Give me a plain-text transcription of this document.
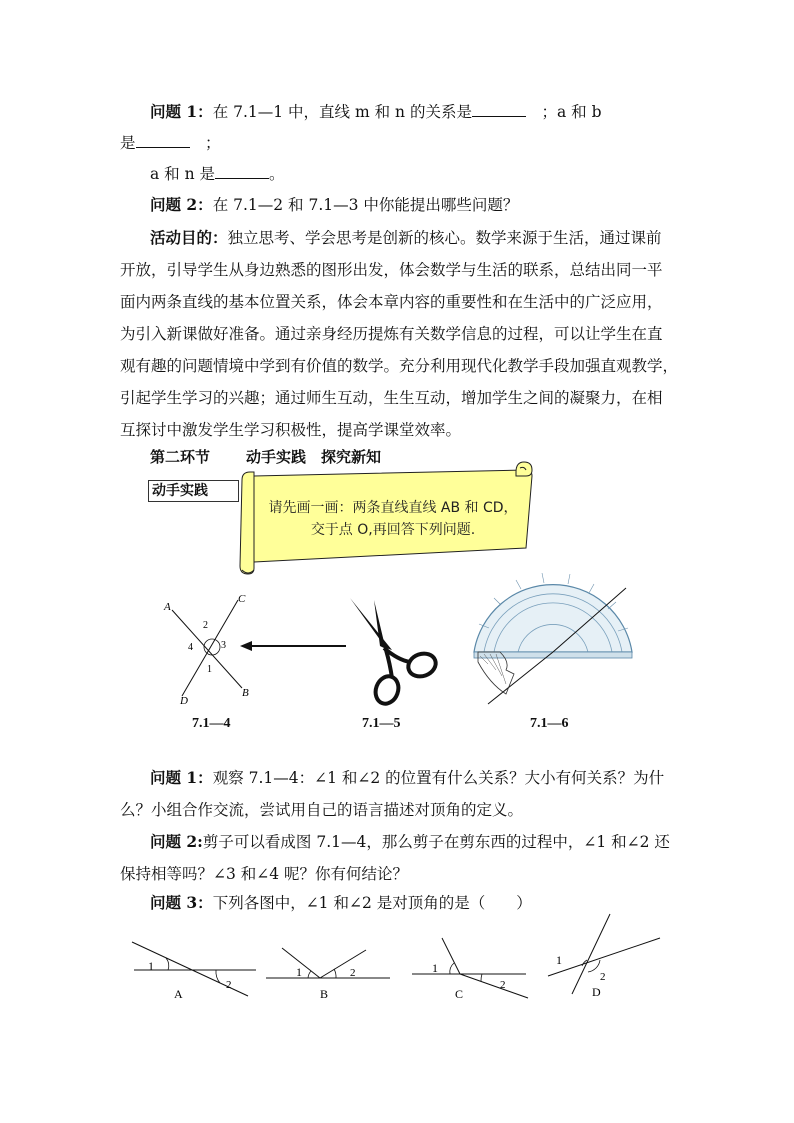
问题 1：在 7.1—1 中，直线 m 和 n 的关系是　	；a 和 b
是　	；
a 和 n 是	。
问题 2：在 7.1—2 和 7.1—3 中你能提出哪些问题？
活动目的：独立思考、学会思考是创新的核心。数学来源于生活，通过课前
开放，引导学生从身边熟悉的图形出发，体会数学与生活的联系，总结出同一平
面内两条直线的基本位置关系，体会本章内容的重要性和在生活中的广泛应用，
为引入新课做好准备。通过亲身经历提炼有关数学信息的过程，可以让学生在直
观有趣的问题情境中学到有价值的数学。充分利用现代化教学手段加强直观教学，
引起学生学习的兴趣；通过师生互动，生生互动，增加学生之间的凝聚力，在相
互探讨中激发学生学习积极性，提高学课堂效率。
第二环节 动手实践　探究新知
请先画一画：两条直线直线 AB 和 CD，
交于点 O,再回答下列问题.
动手实践
A
B
C
D
1
2
3
4
7.1—4	7.1—5	7.1—6
问题 1：观察 7.1—4：∠1 和∠2 的位置有什么关系？大小有何关系？为什
么？小组合作交流，尝试用自己的语言描述对顶角的定义。
问题 2:剪子可以看成图 7.1—4，那么剪子在剪东西的过程中，∠1 和∠2 还
保持相等吗？∠3 和∠4 呢？你有何结论？
问题 3：下列各图中，∠1 和∠2 是对顶角的是（　　）
1
2
A
1	2
B
1
2
C
1
2
D
